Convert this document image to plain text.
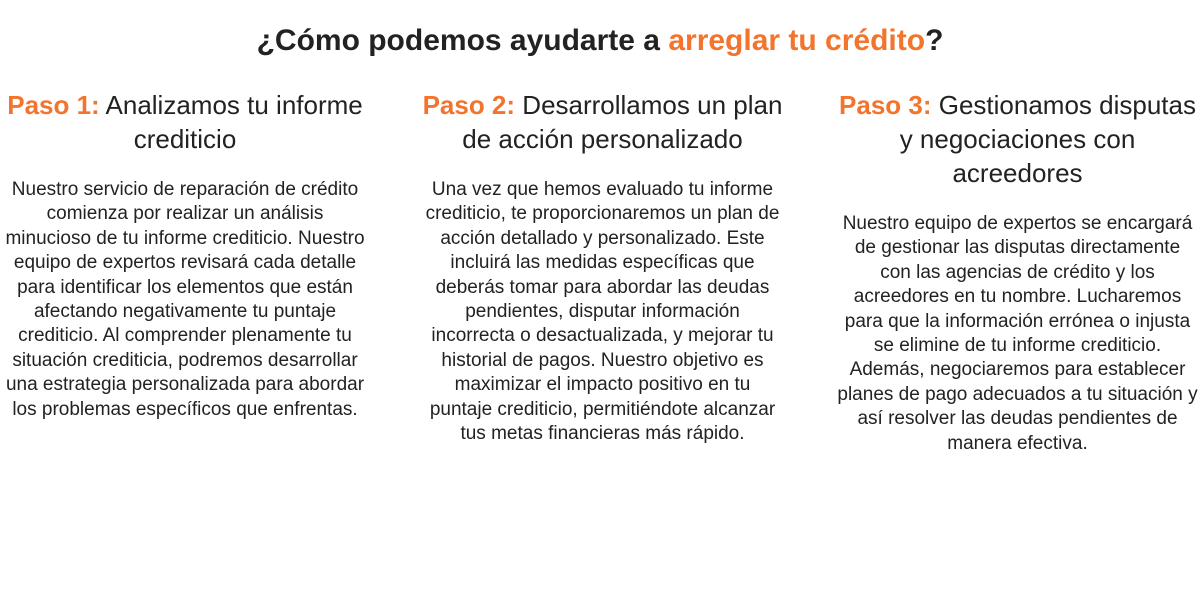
¿Cómo podemos ayudarte a arreglar tu crédito?
Paso 1: Analizamos tu informe crediticio

Nuestro servicio de reparación de crédito comienza por realizar un análisis minucioso de tu informe crediticio. Nuestro equipo de expertos revisará cada detalle para identificar los elementos que están afectando negativamente tu puntaje crediticio. Al comprender plenamente tu situación crediticia, podremos desarrollar una estrategia personalizada para abordar los problemas específicos que enfrentas.

Paso 2: Desarrollamos un plan de acción personalizado

Una vez que hemos evaluado tu informe crediticio, te proporcionaremos un plan de acción detallado y personalizado. Este incluirá las medidas específicas que deberás tomar para abordar las deudas pendientes, disputar información incorrecta o desactualizada, y mejorar tu historial de pagos. Nuestro objetivo es maximizar el impacto positivo en tu puntaje crediticio, permitiéndote alcanzar tus metas financieras más rápido.

Paso 3: Gestionamos disputas y negociaciones con acreedores

Nuestro equipo de expertos se encargará de gestionar las disputas directamente con las agencias de crédito y los acreedores en tu nombre. Lucharemos para que la información errónea o injusta se elimine de tu informe crediticio. Además, negociaremos para establecer planes de pago adecuados a tu situación y así resolver las deudas pendientes de manera efectiva.
